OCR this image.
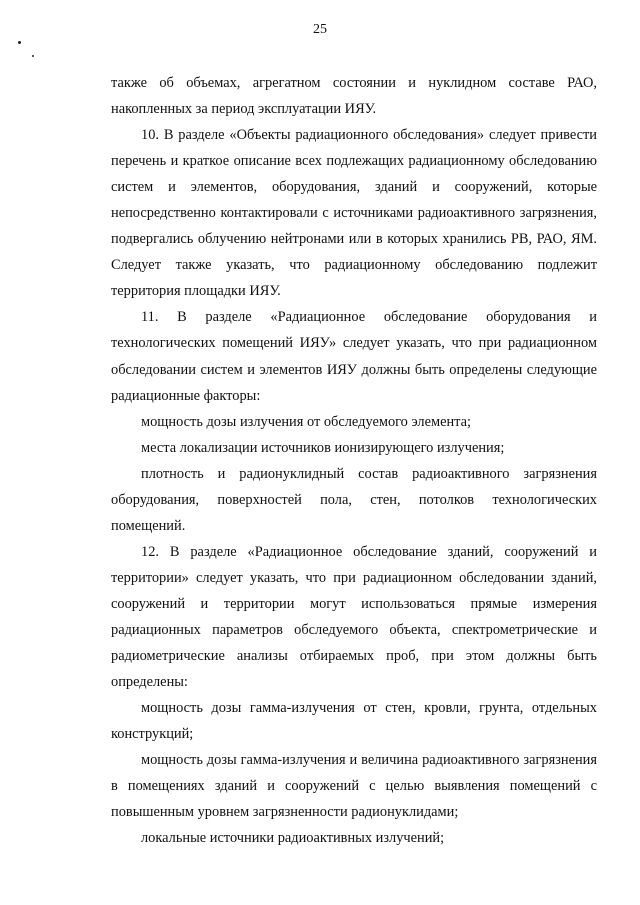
25

также об объемах, агрегатном состоянии и нуклидном составе РАО, накопленных за период эксплуатации ИЯУ.

10. В разделе «Объекты радиационного обследования» следует привести перечень и краткое описание всех подлежащих радиационному обследованию систем и элементов, оборудования, зданий и сооружений, которые непосредственно контактировали с источниками радиоактивного загрязнения, подвергались облучению нейтронами или в которых хранились РВ, РАО, ЯМ. Следует также указать, что радиационному обследованию подлежит территория площадки ИЯУ.

11. В разделе «Радиационное обследование оборудования и технологических помещений ИЯУ» следует указать, что при радиационном обследовании систем и элементов ИЯУ должны быть определены следующие радиационные факторы:

мощность дозы излучения от обследуемого элемента;

места локализации источников ионизирующего излучения;

плотность и радионуклидный состав радиоактивного загрязнения оборудования, поверхностей пола, стен, потолков технологических помещений.

12. В разделе «Радиационное обследование зданий, сооружений и территории» следует указать, что при радиационном обследовании зданий, сооружений и территории могут использоваться прямые измерения радиационных параметров обследуемого объекта, спектрометрические и радиометрические анализы отбираемых проб, при этом должны быть определены:

мощность дозы гамма-излучения от стен, кровли, грунта, отдельных конструкций;

мощность дозы гамма-излучения и величина радиоактивного загрязнения в помещениях зданий и сооружений с целью выявления помещений с повышенным уровнем загрязненности радионуклидами;

локальные источники радиоактивных излучений;
